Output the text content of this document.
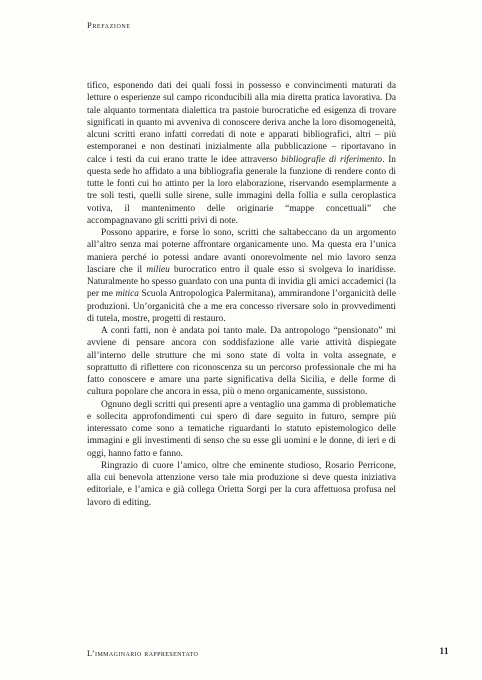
Prefazione

tifico, esponendo dati dei quali fossi in possesso e convincimenti maturati da letture o esperienze sul campo riconducibili alla mia diretta pratica lavorativa. Da tale alquanto tormentata dialettica tra pastoie burocratiche ed esigenza di trovare significati in quanto mi avveniva di conoscere deriva anche la loro disomogeneità, alcuni scritti erano infatti corredati di note e apparati bibliografici, altri – più estemporanei e non destinati inizialmente alla pubblicazione – riportavano in calce i testi da cui erano tratte le idee attraverso bibliografie di riferimento. In questa sede ho affidato a una bibliografia generale la funzione di rendere conto di tutte le fonti cui ho attinto per la loro elaborazione, riservando esemplarmente a tre soli testi, quelli sulle sirene, sulle immagini della follia e sulla ceroplastica votiva, il mantenimento delle originarie “mappe concettuali” che accompagnavano gli scritti privi di note.

Possono apparire, e forse lo sono, scritti che saltabeccano da un argomento all’altro senza mai poterne affrontare organicamente uno. Ma questa era l’unica maniera perché io potessi andare avanti onorevolmente nel mio lavoro senza lasciare che il milieu burocratico entro il quale esso si svolgeva lo inaridisse. Naturalmente ho spesso guardato con una punta di invidia gli amici accademici (la per me mitica Scuola Antropologica Palermitana), ammirandone l’organicità delle produzioni. Un’organicità che a me era concesso riversare solo in provvedimenti di tutela, mostre, progetti di restauro.

A conti fatti, non è andata poi tanto male. Da antropologo “pensionato” mi avviene di pensare ancora con soddisfazione alle varie attività dispiegate all’interno delle strutture che mi sono state di volta in volta assegnate, e soprattutto di riflettere con riconoscenza su un percorso professionale che mi ha fatto conoscere e amare una parte significativa della Sicilia, e delle forme di cultura popolare che ancora in essa, più o meno organicamente, sussistono.

Ognuno degli scritti qui presenti apre a ventaglio una gamma di problematiche e sollecita approfondimenti cui spero di dare seguito in futuro, sempre più interessato come sono a tematiche riguardanti lo statuto epistemologico delle immagini e gli investimenti di senso che su esse gli uomini e le donne, di ieri e di oggi, hanno fatto e fanno.

Ringrazio di cuore l’amico, oltre che eminente studioso, Rosario Perricone, alla cui benevola attenzione verso tale mia produzione si deve questa iniziativa editoriale, e l’amica e già collega Orietta Sorgi per la cura affettuosa profusa nel lavoro di editing.

L’immaginario rappresentato	11
